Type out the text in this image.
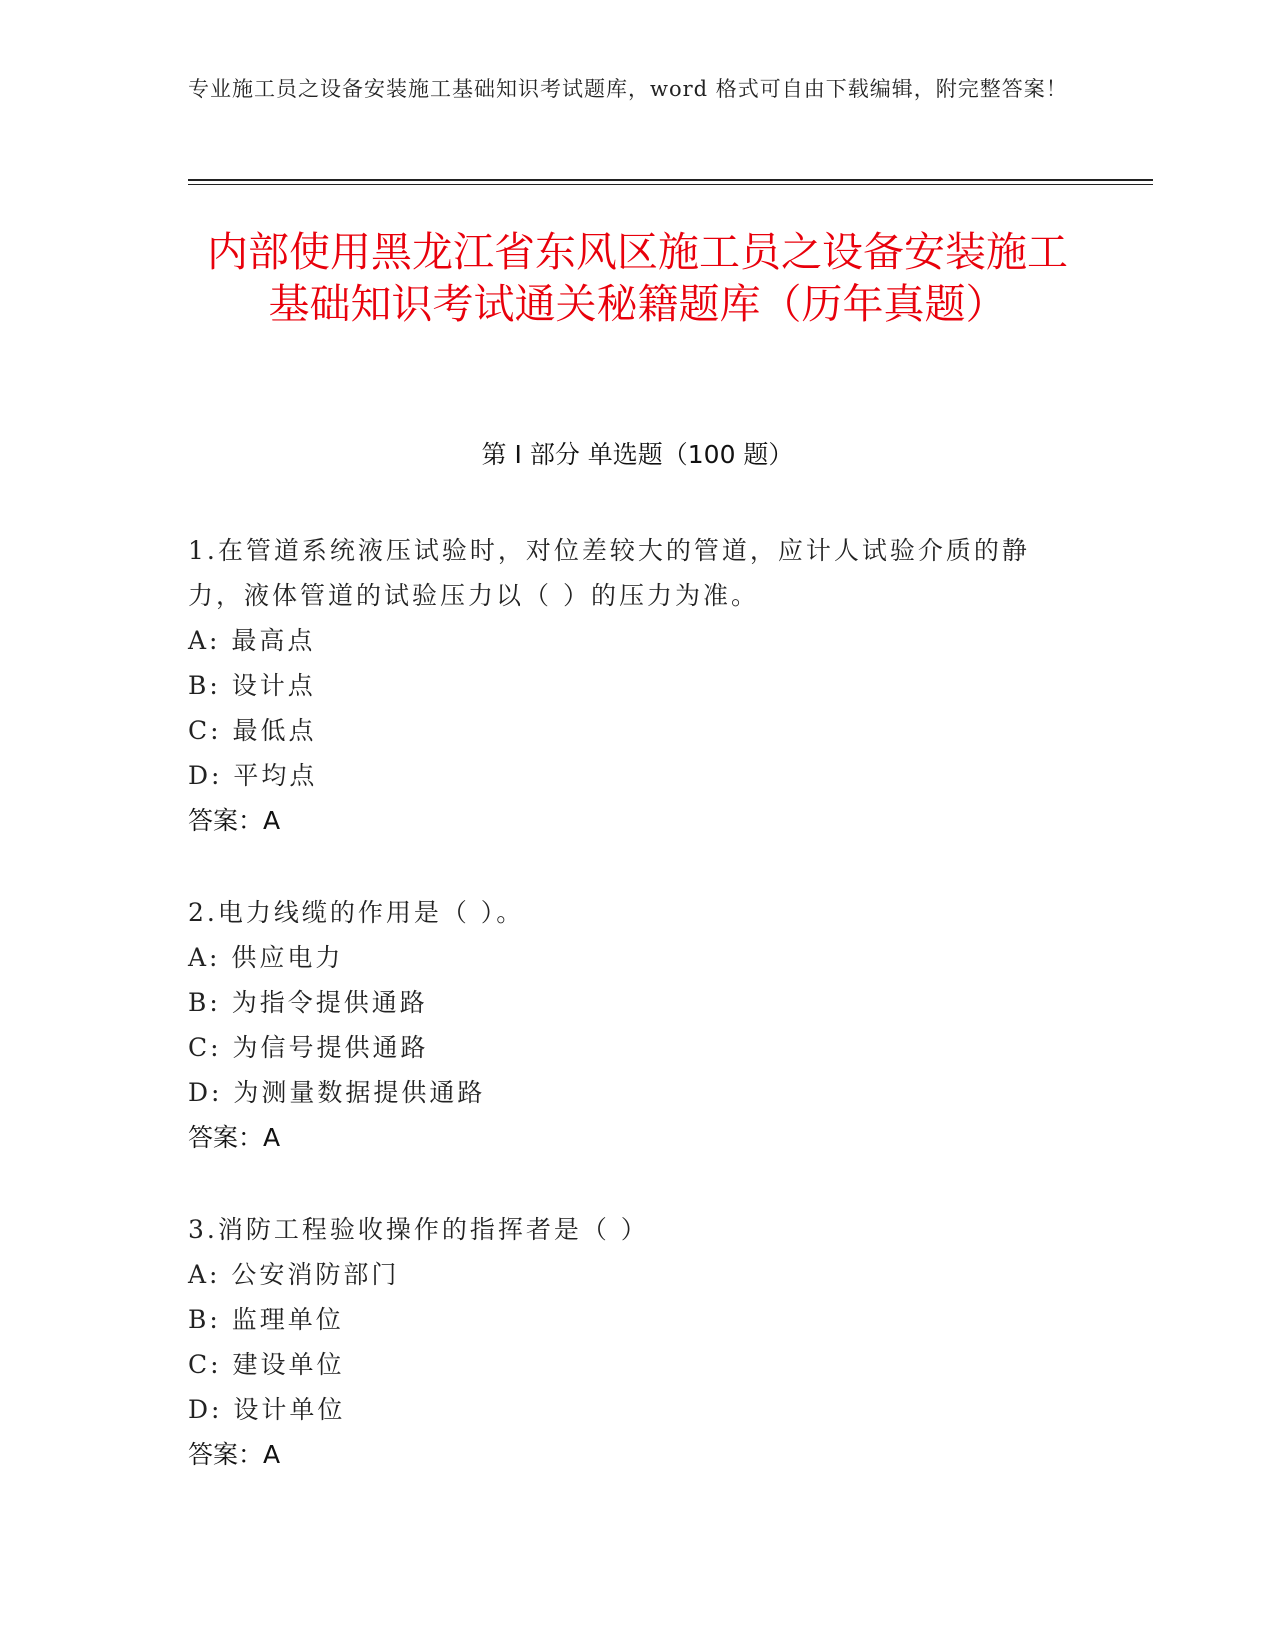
专业施工员之设备安装施工基础知识考试题库，word 格式可自由下载编辑，附完整答案！
内部使用黑龙江省东风区施工员之设备安装施工基础知识考试通关秘籍题库（历年真题）
第 I 部分 单选题（100 题）
1.在管道系统液压试验时，对位差较大的管道，应计人试验介质的静力，液体管道的试验压力以（ ）的压力为准。
A: 最高点
B: 设计点
C: 最低点
D: 平均点
答案：A
2.电力线缆的作用是（ ）。
A: 供应电力
B: 为指令提供通路
C: 为信号提供通路
D: 为测量数据提供通路
答案：A
3.消防工程验收操作的指挥者是（ ）
A: 公安消防部门
B: 监理单位
C: 建设单位
D: 设计单位
答案：A
